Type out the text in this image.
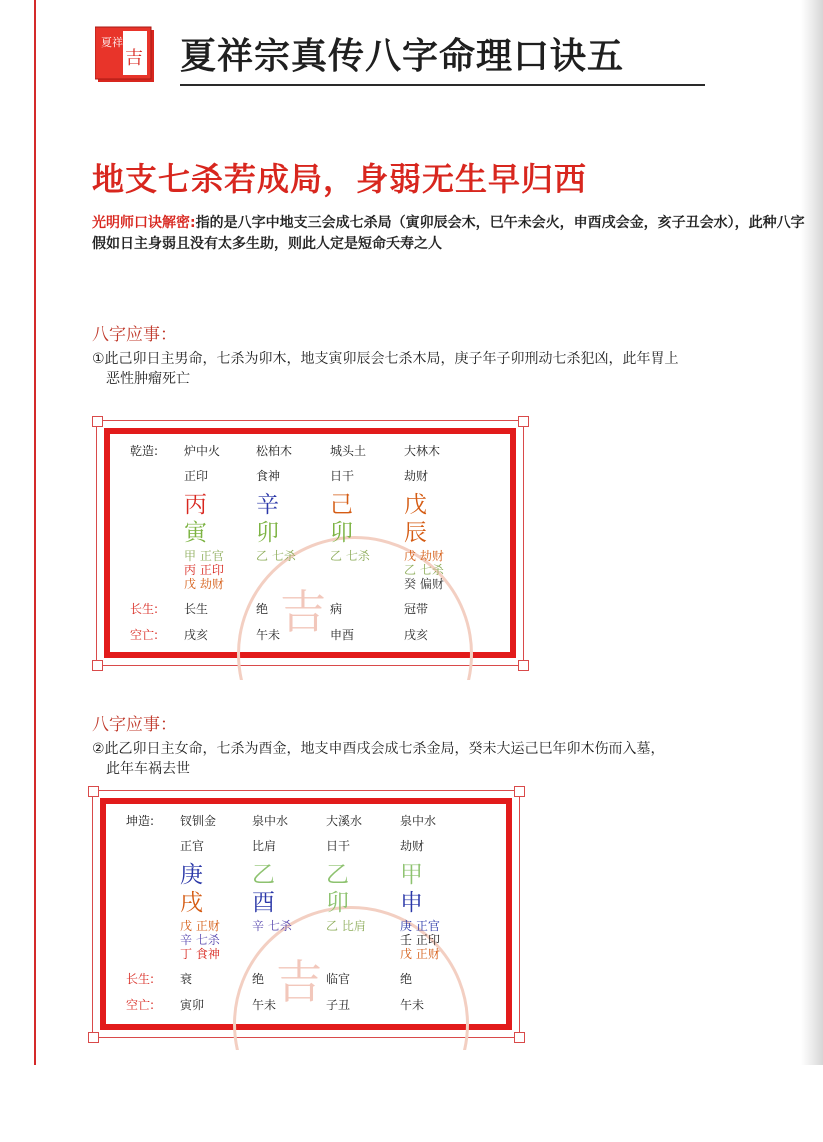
夏祥宗
吉 夏祥宗真传八字命理口诀五
地支七杀若成局，身弱无生早归西
光明师口诀解密:指的是八字中地支三会成七杀局（寅卯辰会木，巳午未会火，申酉戌会金，亥子丑会水），此种八字假如日主身弱且没有太多生助，则此人定是短命夭寿之人
八字应事：
①此己卯日主男命，七杀为卯木，地支寅卯辰会七杀木局，庚子年子卯刑动七杀犯凶，此年胃上
恶性肿瘤死亡
吉
乾造:
长生:
空亡:
炉中火
正印
丙
寅
甲 正官
丙 正印
戊 劫财
长生
戌亥
松柏木
食神
辛
卯
乙 七杀
绝
午未
城头土
日干
己
卯
乙 七杀
病
申酉
大林木
劫财
戊
辰
戊 劫财
乙 七杀
癸 偏财
冠带
戌亥
八字应事：
②此乙卯日主女命，七杀为酉金，地支申酉戌会成七杀金局，癸未大运己巳年卯木伤而入墓，
此年车祸去世
吉
坤造:
长生:
空亡:
钗钏金
正官
庚
戌
戊 正财
辛 七杀
丁 食神
衰
寅卯
泉中水
比肩
乙
酉
辛 七杀
绝
午未
大溪水
日干
乙
卯
乙 比肩
临官
子丑
泉中水
劫财
甲
申
庚 正官
壬 正印
戊 正财
绝
午未
